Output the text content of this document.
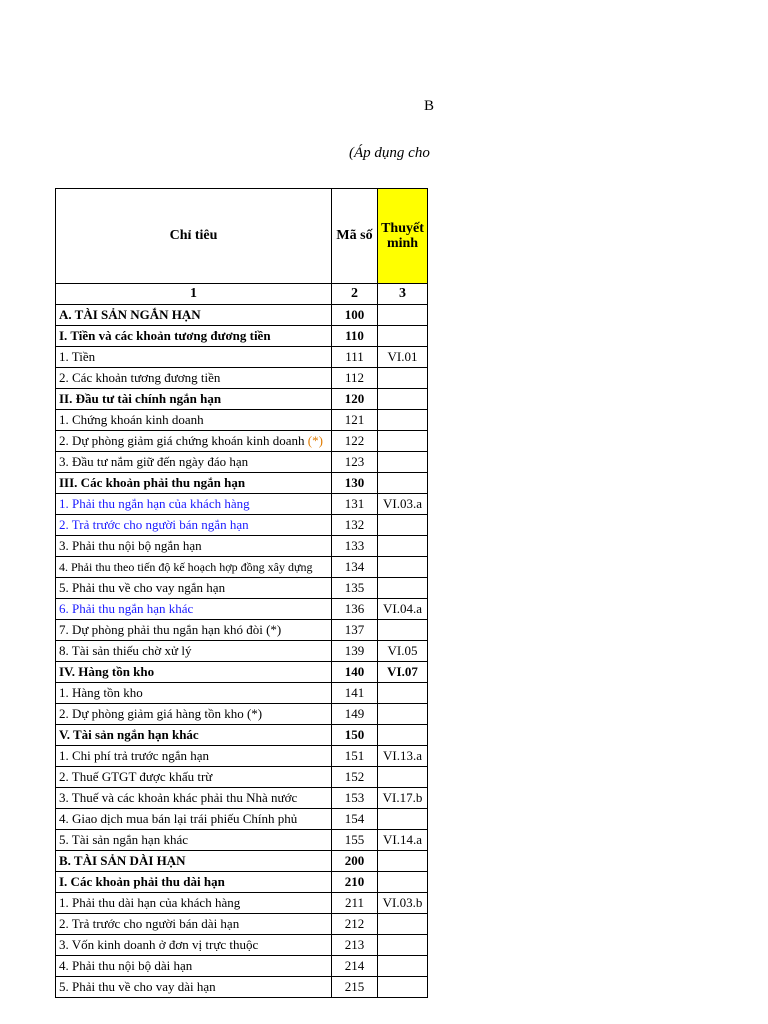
B
(Áp dụng cho
Chỉ tiêu	Mã số	Thuyết minh
1	2	3
A. TÀI SẢN NGẮN HẠN	100	
I. Tiền và các khoản tương đương tiền	110	
1. Tiền	111	VI.01
2. Các khoản tương đương tiền	112	
II. Đầu tư tài chính ngắn hạn	120	
1. Chứng khoán kinh doanh	121	
2. Dự phòng giảm giá chứng khoán kinh doanh (*)	122	
3. Đầu tư nắm giữ đến ngày đáo hạn	123	
III. Các khoản phải thu ngắn hạn	130	
1. Phải thu ngắn hạn của khách hàng	131	VI.03.a
2. Trả trước cho người bán ngắn hạn	132	
3. Phải thu nội bộ ngắn hạn	133	
4. Phải thu theo tiến độ kế hoạch hợp đồng xây dựng	134	
5. Phải thu về cho vay ngắn hạn	135	
6. Phải thu ngắn hạn khác	136	VI.04.a
7. Dự phòng phải thu ngắn hạn khó đòi (*)	137	
8. Tài sản thiếu chờ xử lý	139	VI.05
IV. Hàng tồn kho	140	VI.07
1. Hàng tồn kho	141	
2. Dự phòng giảm giá hàng tồn kho (*)	149	
V. Tài sản ngắn hạn khác	150	
1. Chi phí trả trước ngắn hạn	151	VI.13.a
2. Thuế GTGT được khấu trừ	152	
3. Thuế và các khoản khác phải thu Nhà nước	153	VI.17.b
4. Giao dịch mua bán lại trái phiếu Chính phủ	154	
5. Tài sản ngắn hạn khác	155	VI.14.a
B. TÀI SẢN DÀI HẠN	200	
I. Các khoản phải thu dài hạn	210	
1. Phải thu dài hạn của khách hàng	211	VI.03.b
2. Trả trước cho người bán dài hạn	212	
3. Vốn kinh doanh ở đơn vị trực thuộc	213	
4. Phải thu nội bộ dài hạn	214	
5. Phải thu về cho vay dài hạn	215	
